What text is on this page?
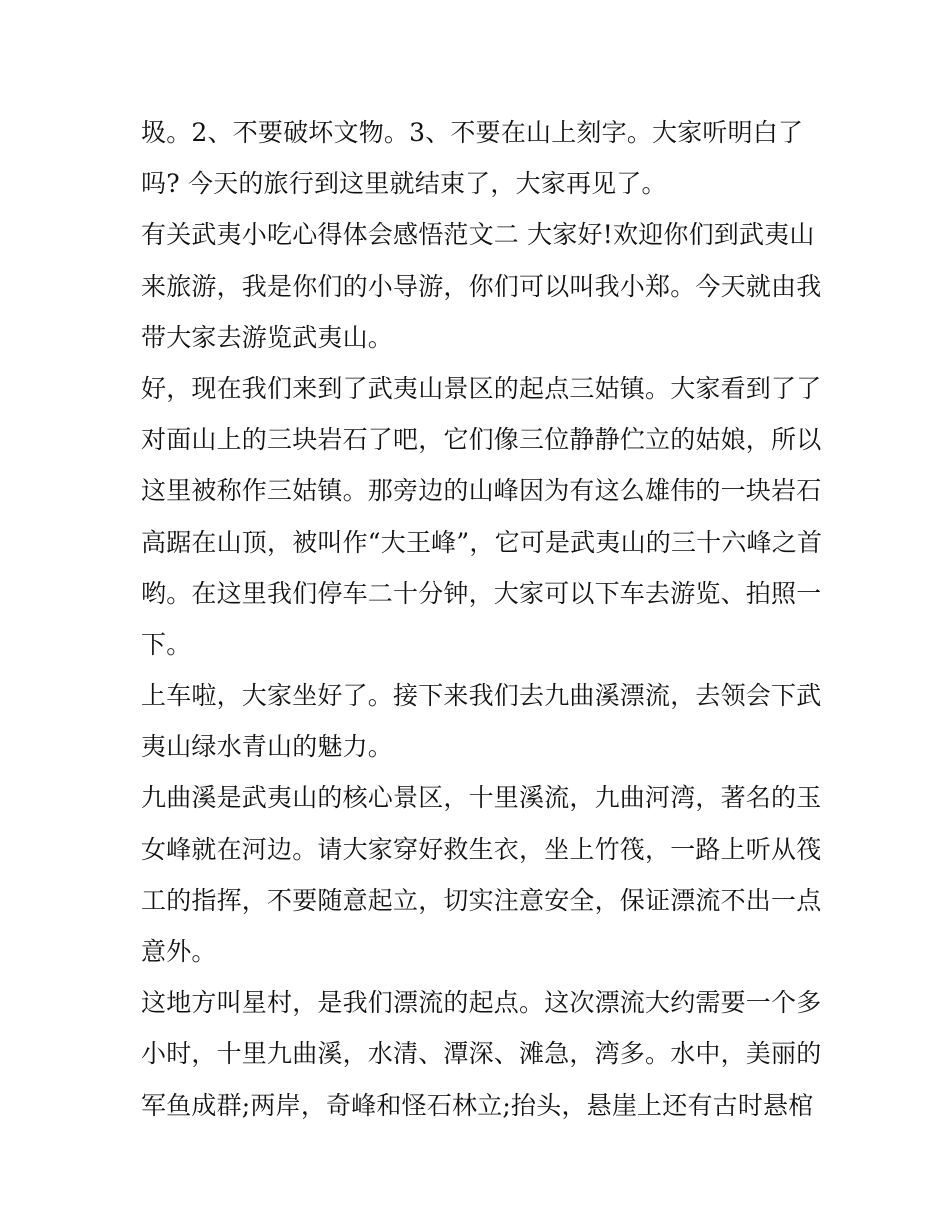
圾。2、不要破坏文物。3、不要在山上刻字。大家听明白了
吗? 今天的旅行到这里就结束了，大家再见了。
有关武夷小吃心得体会感悟范文二 大家好!欢迎你们到武夷山
来旅游，我是你们的小导游，你们可以叫我小郑。今天就由我
带大家去游览武夷山。
好，现在我们来到了武夷山景区的起点三姑镇。大家看到了了
对面山上的三块岩石了吧，它们像三位静静伫立的姑娘，所以
这里被称作三姑镇。那旁边的山峰因为有这么雄伟的一块岩石
高踞在山顶，被叫作“大王峰”，它可是武夷山的三十六峰之首
哟。在这里我们停车二十分钟，大家可以下车去游览、拍照一
下。
上车啦，大家坐好了。接下来我们去九曲溪漂流，去领会下武
夷山绿水青山的魅力。
九曲溪是武夷山的核心景区，十里溪流，九曲河湾，著名的玉
女峰就在河边。请大家穿好救生衣，坐上竹筏，一路上听从筏
工的指挥，不要随意起立，切实注意安全，保证漂流不出一点
意外。
这地方叫星村，是我们漂流的起点。这次漂流大约需要一个多
小时，十里九曲溪，水清、潭深、滩急，湾多。水中，美丽的
军鱼成群;两岸，奇峰和怪石林立;抬头，悬崖上还有古时悬棺
